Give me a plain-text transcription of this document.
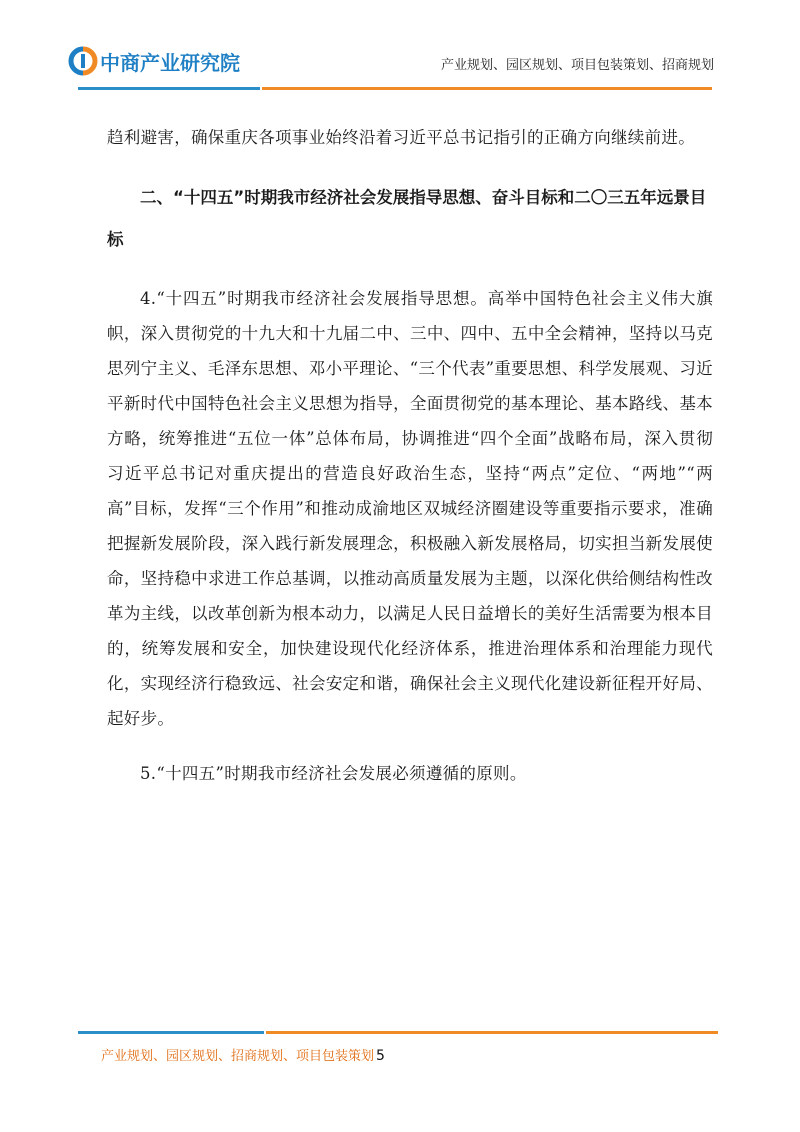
中商产业研究院	产业规划、园区规划、项目包装策划、招商规划

趋利避害，确保重庆各项事业始终沿着习近平总书记指引的正确方向继续前进。

二、“十四五”时期我市经济社会发展指导思想、奋斗目标和二〇三五年远景目标

4.“十四五”时期我市经济社会发展指导思想。高举中国特色社会主义伟大旗帜，深入贯彻党的十九大和十九届二中、三中、四中、五中全会精神，坚持以马克思列宁主义、毛泽东思想、邓小平理论、“三个代表”重要思想、科学发展观、习近平新时代中国特色社会主义思想为指导，全面贯彻党的基本理论、基本路线、基本方略，统筹推进“五位一体”总体布局，协调推进“四个全面”战略布局，深入贯彻习近平总书记对重庆提出的营造良好政治生态，坚持“两点”定位、“两地”“两高”目标，发挥“三个作用”和推动成渝地区双城经济圈建设等重要指示要求，准确把握新发展阶段，深入践行新发展理念，积极融入新发展格局，切实担当新发展使命，坚持稳中求进工作总基调，以推动高质量发展为主题，以深化供给侧结构性改革为主线，以改革创新为根本动力，以满足人民日益增长的美好生活需要为根本目的，统筹发展和安全，加快建设现代化经济体系，推进治理体系和治理能力现代化，实现经济行稳致远、社会安定和谐，确保社会主义现代化建设新征程开好局、起好步。

5.“十四五”时期我市经济社会发展必须遵循的原则。

产业规划、园区规划、招商规划、项目包装策划 5
